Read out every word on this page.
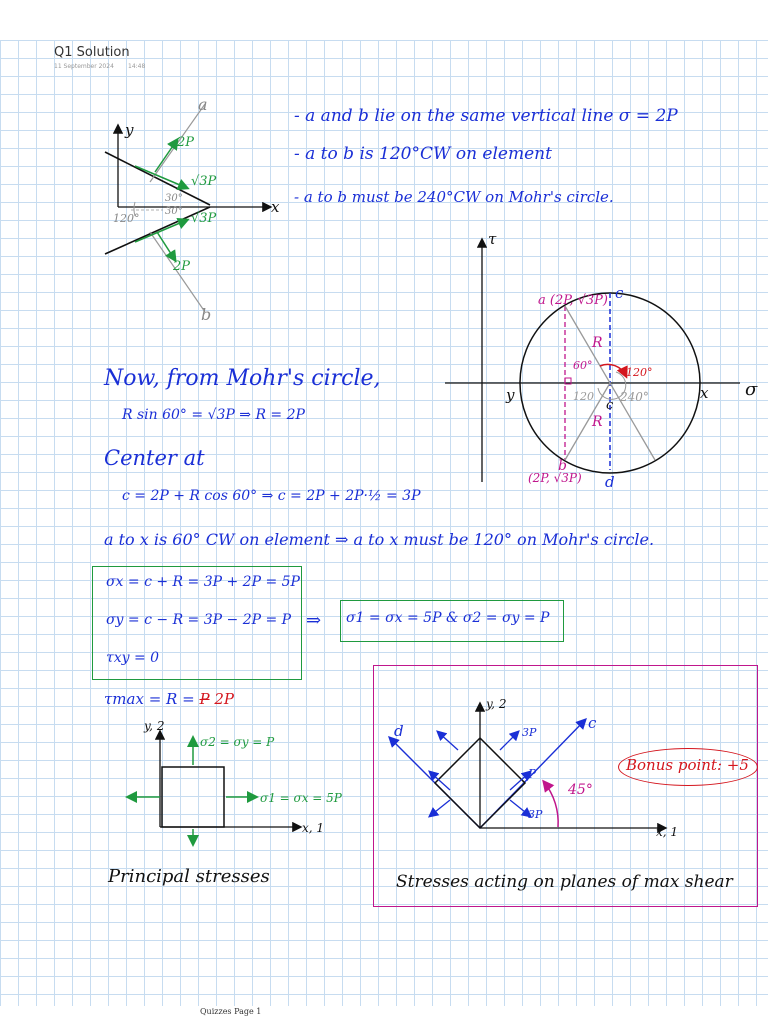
Q1 Solution
11 September 2024 14:48
y
x
a
b
2P
√3P
√3P
2P
30°
30°
120°
- a and b lie on the same vertical line σ = 2P
- a to b is 120°CW on element
- a to b must be 240°CW on Mohr's circle.
τ
σ
y	x
a (2P, √3P) c
b
(2P, √3P) d
R
R
60°
120°
120
c
240°
Now, from Mohr's circle,
R sin 60° = √3P ⇒ R = 2P
Center at
c = 2P + R cos 60° ⇒ c = 2P + 2P·½ = 3P
a to x is 60° CW on element ⇒ a to x must be 120° on Mohr's circle.
σx = c + R = 3P + 2P = 5P
σy = c − R = 3P − 2P = P
τxy = 0
⇒ σ1 = σx = 5P & σ2 = σy = P
τmax = R = P 2P
y, 2
x, 1
σ2 = σy = P
σ1 = σx = 5P
Principal stresses
y, 2
x, 1
c
d	3P
P
3P
45°
Stresses acting on planes of max shear
Bonus point: +5
Quizzes Page 1
